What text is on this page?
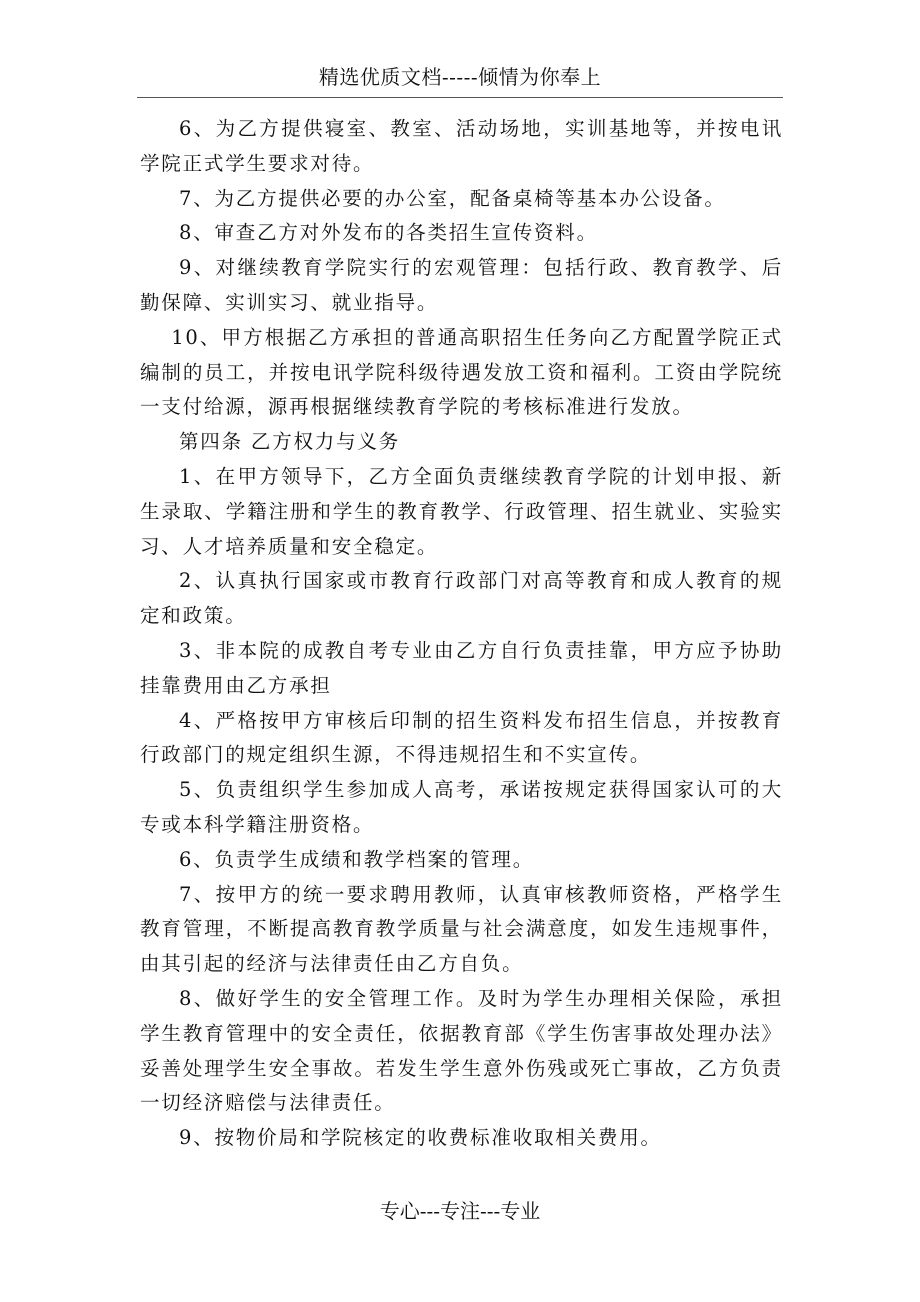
精选优质文档-----倾情为你奉上

6、为乙方提供寝室、教室、活动场地，实训基地等，并按电讯学院正式学生要求对待。

7、为乙方提供必要的办公室，配备桌椅等基本办公设备。

8、审查乙方对外发布的各类招生宣传资料。

9、对继续教育学院实行的宏观管理：包括行政、教育教学、后勤保障、实训实习、就业指导。

10、甲方根据乙方承担的普通高职招生任务向乙方配置学院正式编制的员工，并按电讯学院科级待遇发放工资和福利。工资由学院统一支付给源，源再根据继续教育学院的考核标准进行发放。

第四条 乙方权力与义务

1、在甲方领导下，乙方全面负责继续教育学院的计划申报、新生录取、学籍注册和学生的教育教学、行政管理、招生就业、实验实习、人才培养质量和安全稳定。

2、认真执行国家或市教育行政部门对高等教育和成人教育的规定和政策。

3、非本院的成教自考专业由乙方自行负责挂靠，甲方应予协助挂靠费用由乙方承担

4、严格按甲方审核后印制的招生资料发布招生信息，并按教育行政部门的规定组织生源，不得违规招生和不实宣传。

5、负责组织学生参加成人高考，承诺按规定获得国家认可的大专或本科学籍注册资格。

6、负责学生成绩和教学档案的管理。

7、按甲方的统一要求聘用教师，认真审核教师资格，严格学生教育管理，不断提高教育教学质量与社会满意度，如发生违规事件，由其引起的经济与法律责任由乙方自负。

8、做好学生的安全管理工作。及时为学生办理相关保险，承担学生教育管理中的安全责任，依据教育部《学生伤害事故处理办法》妥善处理学生安全事故。若发生学生意外伤残或死亡事故，乙方负责一切经济赔偿与法律责任。

9、按物价局和学院核定的收费标准收取相关费用。

专心---专注---专业
